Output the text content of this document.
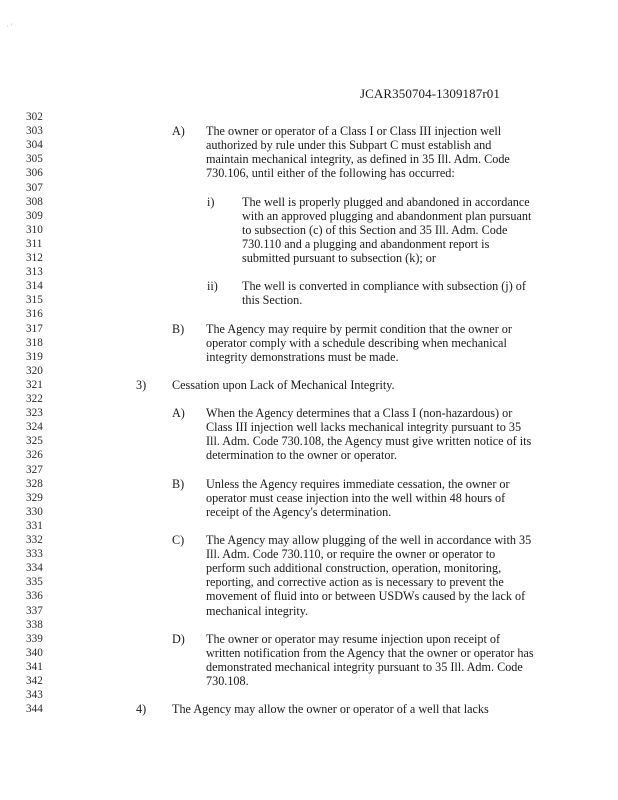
· ′
JCAR350704-1309187r01
302
303
304
305
306
307
308
309
310
311
312
313
314
315
316
317
318
319
320
321
322
323
324
325
326
327
328
329
330
331
332
333
334
335
336
337
338
339
340
341
342
343
344
A) The owner or operator of a Class I or Class III injection well
authorized by rule under this Subpart C must establish and
maintain mechanical integrity, as defined in 35 Ill. Adm. Code
730.106, until either of the following has occurred:
i) The well is properly plugged and abandoned in accordance
with an approved plugging and abandonment plan pursuant
to subsection (c) of this Section and 35 Ill. Adm. Code
730.110 and a plugging and abandonment report is
submitted pursuant to subsection (k); or
ii) The well is converted in compliance with subsection (j) of
this Section.
B) The Agency may require by permit condition that the owner or
operator comply with a schedule describing when mechanical
integrity demonstrations must be made.
3) Cessation upon Lack of Mechanical Integrity.
A) When the Agency determines that a Class I (non-hazardous) or
Class III injection well lacks mechanical integrity pursuant to 35
Ill. Adm. Code 730.108, the Agency must give written notice of its
determination to the owner or operator.
B) Unless the Agency requires immediate cessation, the owner or
operator must cease injection into the well within 48 hours of
receipt of the Agency's determination.
C) The Agency may allow plugging of the well in accordance with 35
Ill. Adm. Code 730.110, or require the owner or operator to
perform such additional construction, operation, monitoring,
reporting, and corrective action as is necessary to prevent the
movement of fluid into or between USDWs caused by the lack of
mechanical integrity.
D) The owner or operator may resume injection upon receipt of
written notification from the Agency that the owner or operator has
demonstrated mechanical integrity pursuant to 35 Ill. Adm. Code
730.108.
4) The Agency may allow the owner or operator of a well that lacks
